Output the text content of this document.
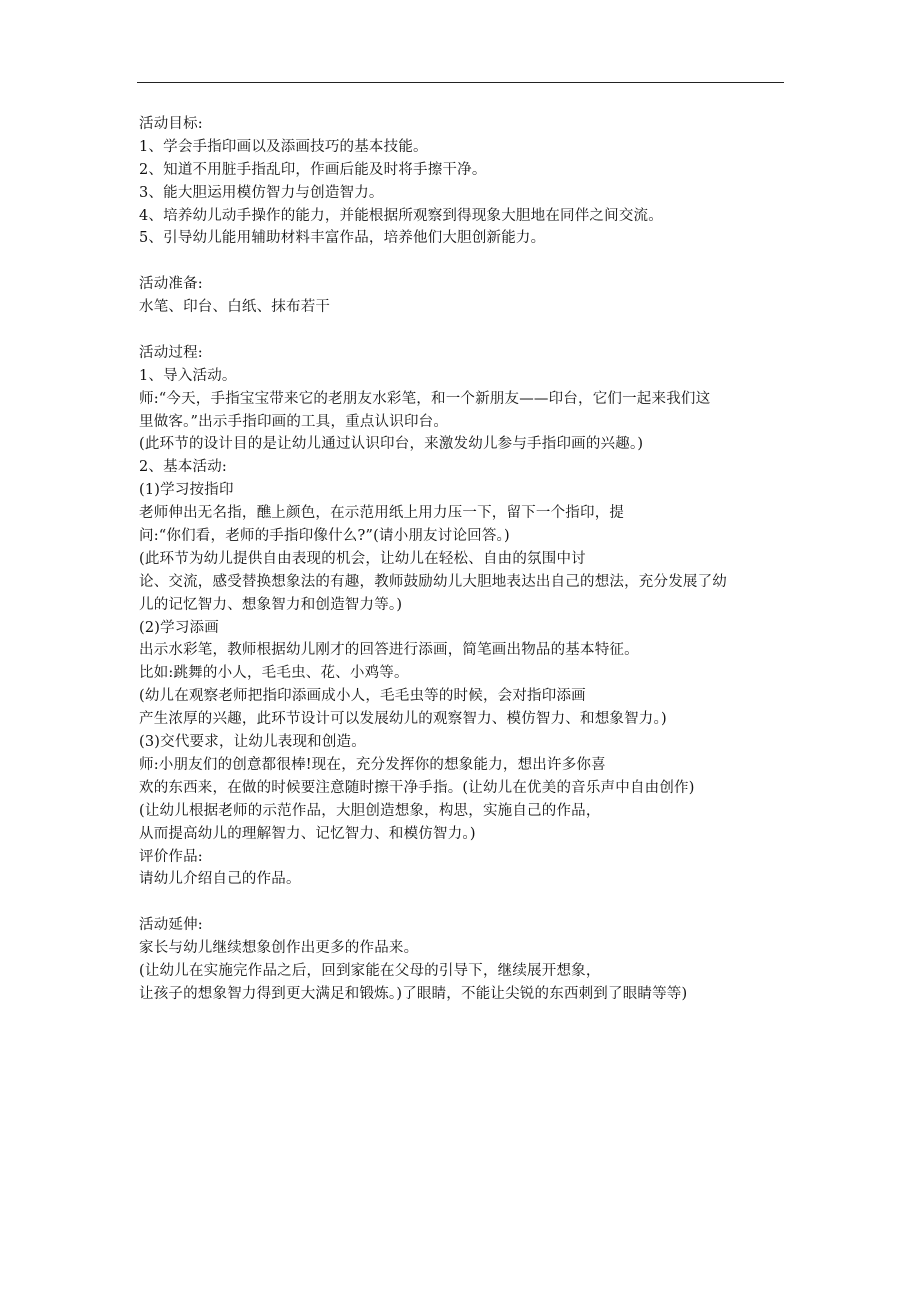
活动目标:
1、学会手指印画以及添画技巧的基本技能。
2、知道不用脏手指乱印，作画后能及时将手擦干净。
3、能大胆运用模仿智力与创造智力。
4、培养幼儿动手操作的能力，并能根据所观察到得现象大胆地在同伴之间交流。
5、引导幼儿能用辅助材料丰富作品，培养他们大胆创新能力。
活动准备:
水笔、印台、白纸、抹布若干
活动过程:
1、导入活动。
师:“今天，手指宝宝带来它的老朋友水彩笔，和一个新朋友——印台，它们一起来我们这
里做客。”出示手指印画的工具，重点认识印台。
(此环节的设计目的是让幼儿通过认识印台，来激发幼儿参与手指印画的兴趣。)
2、基本活动:
(1)学习按指印
老师伸出无名指，醮上颜色，在示范用纸上用力压一下，留下一个指印，提
问:“你们看，老师的手指印像什么?”(请小朋友讨论回答。)
(此环节为幼儿提供自由表现的机会，让幼儿在轻松、自由的氛围中讨
论、交流，感受替换想象法的有趣，教师鼓励幼儿大胆地表达出自己的想法，充分发展了幼
儿的记忆智力、想象智力和创造智力等。)
(2)学习添画
出示水彩笔，教师根据幼儿刚才的回答进行添画，简笔画出物品的基本特征。
比如:跳舞的小人，毛毛虫、花、小鸡等。
(幼儿在观察老师把指印添画成小人，毛毛虫等的时候，会对指印添画
产生浓厚的兴趣，此环节设计可以发展幼儿的观察智力、模仿智力、和想象智力。)
(3)交代要求，让幼儿表现和创造。
师:小朋友们的创意都很棒!现在，充分发挥你的想象能力，想出许多你喜
欢的东西来，在做的时候要注意随时擦干净手指。(让幼儿在优美的音乐声中自由创作)
(让幼儿根据老师的示范作品，大胆创造想象，构思，实施自己的作品，
从而提高幼儿的理解智力、记忆智力、和模仿智力。)
评价作品:
请幼儿介绍自己的作品。
活动延伸:
家长与幼儿继续想象创作出更多的作品来。
(让幼儿在实施完作品之后，回到家能在父母的引导下，继续展开想象，
让孩子的想象智力得到更大满足和锻炼。)了眼睛，不能让尖锐的东西刺到了眼睛等等)
